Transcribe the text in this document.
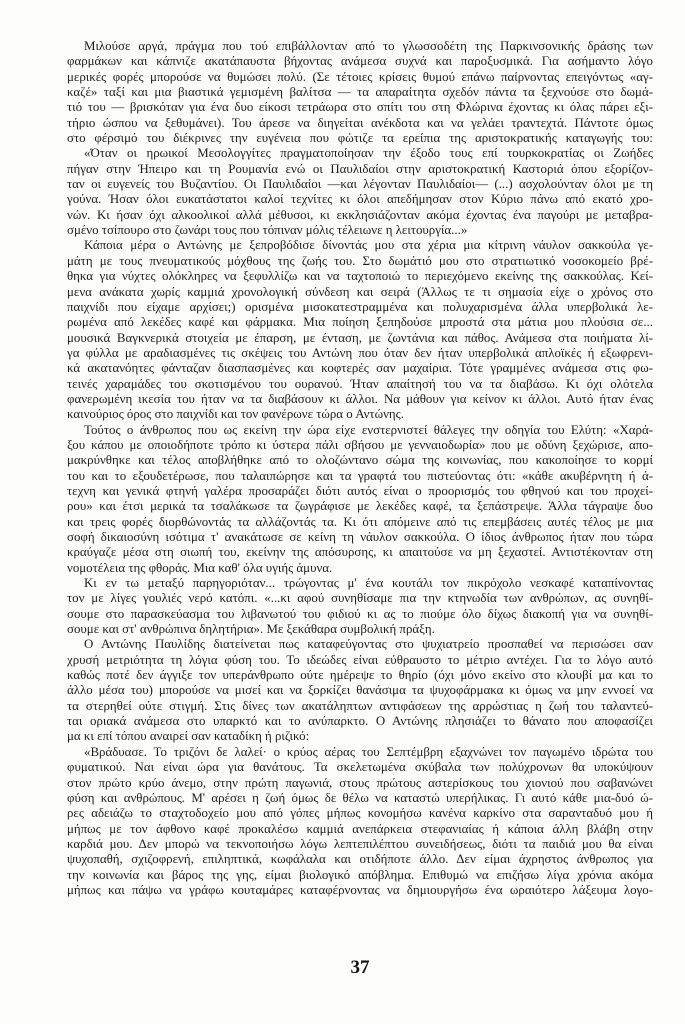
Μιλούσε αργά, πράγμα που τού επιβάλλονταν από το γλωσσοδέτη της Παρκινσονικής δράσης των
φαρμάκων και κάπνιζε ακατάπαυστα βήχοντας ανάμεσα συχνά και παροξυσμικά. Για ασήμαντο λόγο
μερικές φορές μπορούσε να θυμώσει πολύ. (Σε τέτοιες κρίσεις θυμού επάνω παίρνοντας επειγόντως «αγ-
καζέ» ταξί και μια βιαστικά γεμισμένη βαλίτσα — τα απαραίτητα σχεδόν πάντα τα ξεχνούσε στο δωμά-
τιό του — βρισκόταν για ένα δυο είκοσι τετράωρα στο σπίτι του στη Φλώρινα έχοντας κι όλας πάρει εξι-
τήριο ώσπου να ξεθυμάνει). Του άρεσε να διηγείται ανέκδοτα και να γελάει τραντεχτά. Πάντοτε όμως
στο φέρσιμό του διέκρινες την ευγένεια που φώτιζε τα ερείπια της αριστοκρατικής καταγωγής του:
«Όταν οι ηρωικοί Μεσολογγίτες πραγματοποίησαν την έξοδο τους επί τουρκοκρατίας οι Ζωήδες
πήγαν στην Ήπειρο και τη Ρουμανία ενώ οι Παυλιδαίοι στην αριστοκρατική Καστοριά όπου εξορίζον-
ταν οι ευγενείς του Βυζαντίου. Οι Παυλιδαίοι —και λέγονταν Παυλιδαίοι— (...) ασχολούνταν όλοι με τη
γούνα. Ήσαν όλοι ευκατάστατοι καλοί τεχνίτες κι όλοι απεδήμησαν στον Κύριο πάνω από εκατό χρο-
νών. Κι ήσαν όχι αλκοολικοί αλλά μέθυσοι, κι εκκλησιάζονταν ακόμα έχοντας ένα παγούρι με μεταβρα-
σμένο τσίπουρο στο ζωνάρι τους που τόπιναν μόλις τέλειωνε η λειτουργία...»
Κάποια μέρα ο Αντώνης με ξεπροβόδισε δίνοντάς μου στα χέρια μια κίτρινη νάυλον σακκούλα γε-
μάτη με τους πνευματικούς μόχθους της ζωής του. Στο δωμάτιό μου στο στρατιωτικό νοσοκομείο βρέ-
θηκα για νύχτες ολόκληρες να ξεφυλλίζω και να ταχτοποιώ το περιεχόμενο εκείνης της σακκούλας. Κεί-
μενα ανάκατα χωρίς καμμιά χρονολογική σύνδεση και σειρά (Άλλως τε τι σημασία είχε ο χρόνος στο
παιχνίδι που είχαμε αρχίσει;) ορισμένα μισοκατεστραμμένα και πολυχαρισμένα άλλα υπερβολικά λε-
ρωμένα από λεκέδες καφέ και φάρμακα. Μια ποίηση ξεπηδούσε μπροστά στα μάτια μου πλούσια σε...
μουσικά Βαγκνερικά στοιχεία με έπαρση, με ένταση, με ζωντάνια και πάθος. Ανάμεσα στα ποιήματα λί-
γα φύλλα με αραδιασμένες τις σκέψεις του Αντώνη που όταν δεν ήταν υπερβολικά απλοϊκές ή εξωφρενι-
κά ακατανόητες φάνταζαν διασπασμένες και κοφτερές σαν μαχαίρια. Τότε γραμμένες ανάμεσα στις φω-
τεινές χαραμάδες του σκοτισμένου του ουρανού. Ήταν απαίτησή του να τα διαβάσω. Κι όχι ολότελα
φανερωμένη ικεσία του ήταν να τα διαβάσουν κι άλλοι. Να μάθουν για κείνον κι άλλοι. Αυτό ήταν ένας
καινούριος όρος στο παιχνίδι και τον φανέρωνε τώρα ο Αντώνης.
Τούτος ο άνθρωπος που ως εκείνη την ώρα είχε ενστερνιστεί θάλεγες την οδηγία του Ελύτη: «Χαρά-
ξου κάπου με οποιοδήποτε τρόπο κι ύστερα πάλι σβήσου με γενναιοδωρία» που με οδύνη ξεχώρισε, απο-
μακρύνθηκε και τέλος αποβλήθηκε από το ολοζώντανο σώμα της κοινωνίας, που κακοποίησε το κορμί
του και το εξουδετέρωσε, που ταλαιπώρησε και τα γραφτά του πιστεύοντας ότι: «κάθε ακυβέρνητη ή ά-
τεχνη και γενικά φτηνή γαλέρα προσαράζει διότι αυτός είναι ο προορισμός του φθηνού και του προχεί-
ρου» και έτσι μερικά τα τσαλάκωσε τα ζωγράφισε με λεκέδες καφέ, τα ξεπάστρεψε. Άλλα τάγραψε δυο
και τρεις φορές διορθώνοντάς τα αλλάζοντάς τα. Κι ότι απόμεινε από τις επεμβάσεις αυτές τέλος με μια
σοφή δικαιοσύνη ισότιμα τ' ανακάτωσε σε κείνη τη νάυλον σακκούλα. Ο ίδιος άνθρωπος ήταν που τώρα
κραύγαζε μέσα στη σιωπή του, εκείνην της απόσυρσης, κι απαιτούσε να μη ξεχαστεί. Αντιστέκονταν στη
νομοτέλεια της φθοράς. Μια καθ' όλα υγιής άμυνα.
Κι εν τω μεταξύ παρηγοριόταν... τρώγοντας μ' ένα κουτάλι τον πικρόχολο νεσκαφέ καταπίνοντας
τον με λίγες γουλιές νερό κατόπι. «...κι αφού συνηθίσαμε πια την κτηνωδία των ανθρώπων, ας συνηθί-
σουμε στο παρασκεύασμα του λιβανωτού του φιδιού κι ας το πιούμε όλο δίχως διακοπή για να συνηθί-
σουμε και στ' ανθρώπινα δηλητήρια». Με ξεκάθαρα συμβολική πράξη.
Ο Αντώνης Παυλίδης διατείνεται πως καταφεύγοντας στο ψυχιατρείο προσπαθεί να περισώσει σαν
χρυσή μετριότητα τη λόγια φύση του. Το ιδεώδες είναι εύθραυστο το μέτριο αντέχει. Για το λόγο αυτό
καθώς ποτέ δεν άγγιξε τον υπεράνθρωπο ούτε ημέρεψε το θηρίο (όχι μόνο εκείνο στο κλουβί μα και το
άλλο μέσα του) μπορούσε να μισεί και να ξορκίζει θανάσιμα τα ψυχοφάρμακα κι όμως να μην εννοεί να
τα στερηθεί ούτε στιγμή. Στις δίνες των ακατάληπτων αντιφάσεων της αρρώστιας η ζωή του ταλαντεύ-
ται οριακά ανάμεσα στο υπαρκτό και το ανύπαρκτο. Ο Αντώνης πλησιάζει το θάνατο που αποφασίζει
μα κι επί τόπου αναιρεί σαν καταδίκη ή ριζικό:
«Βράδυασε. Το τριζόνι δε λαλεί· ο κρύος αέρας του Σεπτέμβρη εξαχνώνει τον παγωμένο ιδρώτα του
φυματικού. Ναι είναι ώρα για θανάτους. Τα σκελετωμένα σκύβαλα των πολύχρονων θα υποκύψουν
στον πρώτο κρύο άνεμο, στην πρώτη παγωνιά, στους πρώτους αστερίσκους του χιονιού που σαβανώνει
φύση και ανθρώπους. Μ' αρέσει η ζωή όμως δε θέλω να καταστώ υπερήλικας. Γι αυτό κάθε μια-δυό ώ-
ρες αδειάζω το σταχτοδοχείο μου από γόπες μήπως κονομήσω κανένα καρκίνο στα σαρανταδυό μου ή
μήπως με τον άφθονο καφέ προκαλέσω καμμιά ανεπάρκεια στεφανιαίας ή κάποια άλλη βλάβη στην
καρδιά μου. Δεν μπορώ να τεκνοποιήσω λόγω λεπτεπιλέπτου συνειδήσεως, διότι τα παιδιά μου θα είναι
ψυχοπαθή, σχιζοφρενή, επιληπτικά, κωφάλαλα και οτιδήποτε άλλο. Δεν είμαι άχρηστος άνθρωπος για
την κοινωνία και βάρος της γης, είμαι βιολογικό απόβλημα. Επιθυμώ να επιζήσω λίγα χρόνια ακόμα
μήπως και πάψω να γράφω κουταμάρες καταφέρνοντας να δημιουργήσω ένα ωραιότερο λάξευμα λογο-
37
